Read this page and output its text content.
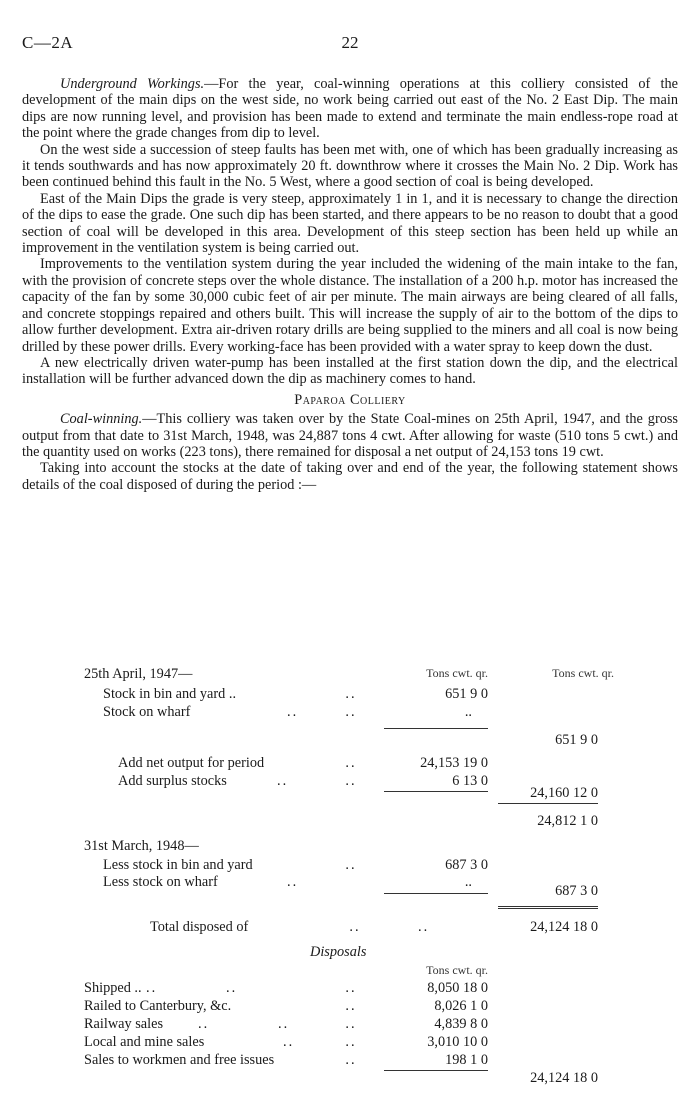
C—2A	22

Underground Workings.—For the year, coal-winning operations at this colliery consisted of the development of the main dips on the west side, no work being carried out east of the No. 2 East Dip. The main dips are now running level, and provision has been made to extend and terminate the main endless-rope road at the point where the grade changes from dip to level.

On the west side a succession of steep faults has been met with, one of which has been gradually increasing as it tends southwards and has now approximately 20 ft. downthrow where it crosses the Main No. 2 Dip. Work has been continued behind this fault in the No. 5 West, where a good section of coal is being developed.

East of the Main Dips the grade is very steep, approximately 1 in 1, and it is necessary to change the direction of the dips to ease the grade. One such dip has been started, and there appears to be no reason to doubt that a good section of coal will be developed in this area. Development of this steep section has been held up while an improvement in the ventilation system is being carried out.

Improvements to the ventilation system during the year included the widening of the main intake to the fan, with the provision of concrete steps over the whole distance. The installation of a 200 h.p. motor has increased the capacity of the fan by some 30,000 cubic feet of air per minute. The main airways are being cleared of all falls, and concrete stoppings repaired and others built. This will increase the supply of air to the bottom of the dips to allow further development. Extra air-driven rotary drills are being supplied to the miners and all coal is now being drilled by these power drills. Every working-face has been provided with a water spray to keep down the dust.

A new electrically driven water-pump has been installed at the first station down the dip, and the electrical installation will be further advanced down the dip as machinery comes to hand.

Paparoa Colliery

Coal-winning.—This colliery was taken over by the State Coal-mines on 25th April, 1947, and the gross output from that date to 31st March, 1948, was 24,887 tons 4 cwt. After allowing for waste (510 tons 5 cwt.) and the quantity used on works (223 tons), there remained for disposal a net output of 24,153 tons 19 cwt.

Taking into account the stocks at the date of taking over and end of the year, the following statement shows details of the coal disposed of during the period :—

Tons cwt. qr.	Tons cwt. qr.
25th April, 1947—
Stock in bin and yard ..	..	651 9 0
Stock on wharf	..	..	..
651 9 0
Add net output for period	..	24,153 19 0
Add surplus stocks	..	..	6 13 0
24,160 12 0
24,812 1 0
31st March, 1948—
Less stock in bin and yard	..	687 3 0
Less stock on wharf	..	..
687 3 0
Total disposed of	..	..	24,124 18 0
Disposals
Tons cwt. qr.
Shipped .. ..	..	..	8,050 18 0
Railed to Canterbury, &c.	..	8,026 1 0
Railway sales ..	..	..	4,839 8 0
Local and mine sales	..	..	3,010 10 0
Sales to workmen and free issues	..	198 1 0
24,124 18 0
